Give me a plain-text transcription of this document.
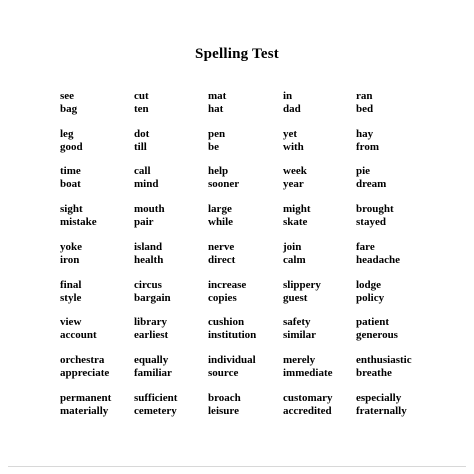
Spelling Test
see
bag
cut
ten
mat
hat
in
dad
ran
bed
leg
good
dot
till
pen
be
yet
with
hay
from
time
boat
call
mind
help
sooner
week
year
pie
dream
sight
mistake
mouth
pair
large
while
might
skate
brought
stayed
yoke
iron
island
health
nerve
direct
join
calm
fare
headache
final
style
circus
bargain
increase
copies
slippery
guest
lodge
policy
view
account
library
earliest
cushion
institution
safety
similar
patient
generous
orchestra
appreciate
equally
familiar
individual
source
merely
immediate
enthusiastic
breathe
permanent
materially
sufficient
cemetery
broach
leisure
customary
accredited
especially
fraternally
